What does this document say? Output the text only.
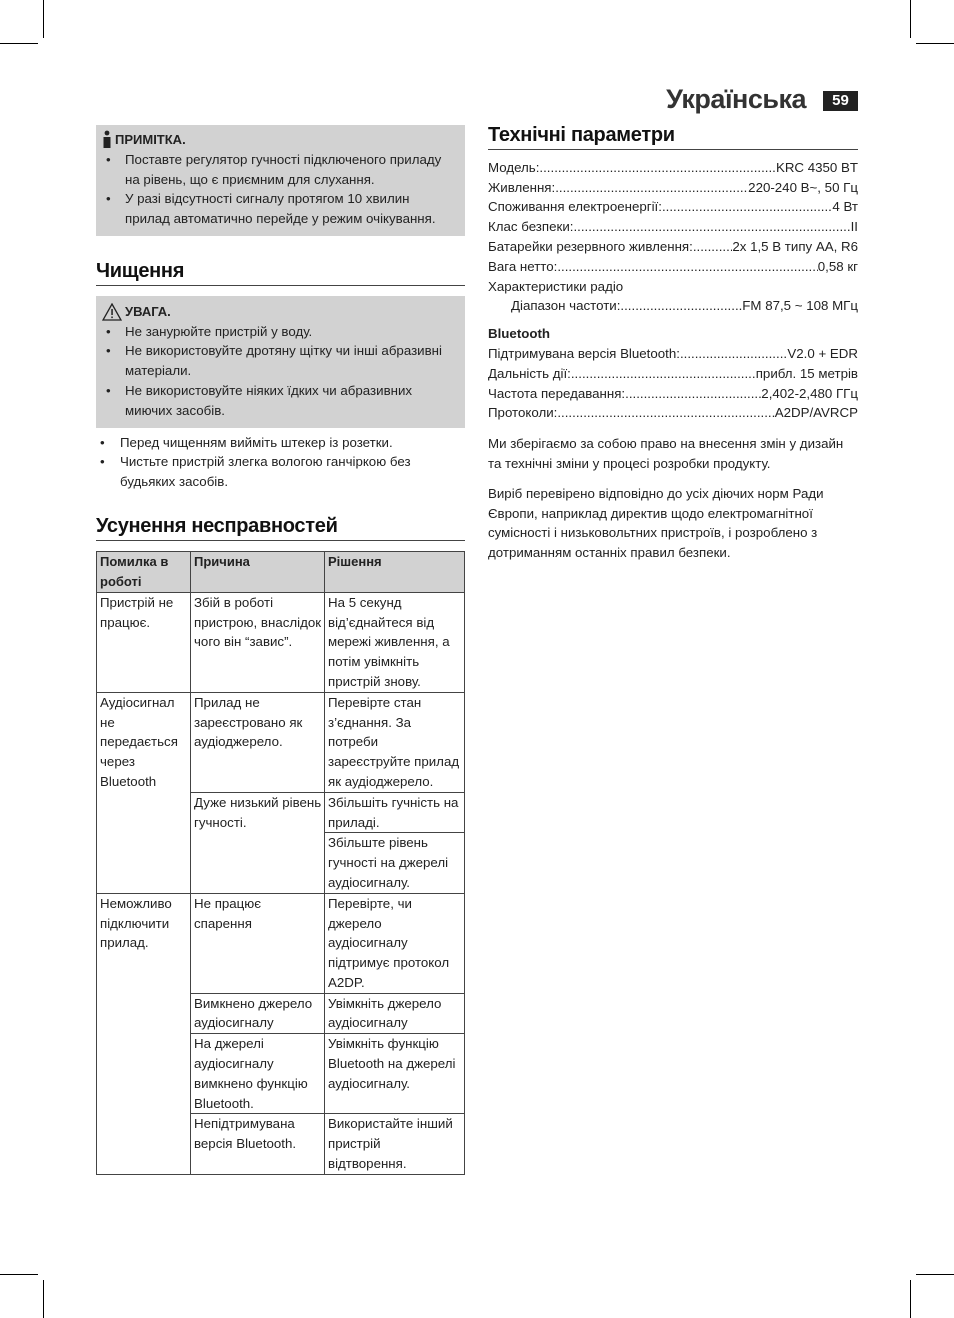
Українська	59
ПРИМІТКА.
• Поставте регулятор гучності підключеного приладу на рівень, що є приємним для слухання.
• У разі відсутності сигналу протягом 10 хвилин прилад автоматично перейде у режим очікування.
Чищення
УВАГА.
• Не занурюйте пристрій у воду.
• Не використовуйте дротяну щітку чи інші абразивні матеріали.
• Не використовуйте ніяких їдких чи абразивних миючих засобів.
• Перед чищенням вийміть штекер із розетки.
• Чистьте пристрій злегка вологою ганчіркою без будьяких засобів.
Усунення несправностей
Помилка в роботі	Причина	Рішення
Пристрій не працює.	Збій в роботі пристрою, внаслідок чого він “завис”.	На 5 секунд від’єднайтеся від мережі живлення, а потім увімкніть пристрій знову.
Аудіосигнал не передається через Bluetooth	Прилад не зареєстровано як аудіоджерело.	Перевірте стан з’єднання. За потреби зареєструйте прилад як аудіоджерело.
	Дуже низький рівень гучності.	Збільшіть гучність на приладі.
		Збільште рівень гучності на джерелі аудіосигналу.
Неможливо підключити прилад.	Не працює спарення	Перевірте, чи джерело аудіосигналу підтримує протокол A2DP.
	Вимкнено джерело аудіосигналу	Увімкніть джерело аудіосигналу
	На джерелі аудіосигналу вимкнено функцію Bluetooth.	Увімкніть функцію Bluetooth на джерелі аудіосигналу.
	Непідтримувана версія Bluetooth.	Використайте інший пристрій відтворення.
Технічні параметри
Модель: .....	KRC 4350 BT
Живлення: .....	220-240 В~, 50 Гц
Споживання електроенергії: .....	4 Вт
Клас безпеки: .....	II
Батарейки резервного живлення: .....	2x 1,5 В типу AA, R6
Вага нетто: .....	0,58 кг
Характеристики радіо
Діапазон частоти: .....	FM 87,5 ~ 108 МГц
Bluetooth
Підтримувана версія Bluetooth: .....	V2.0 + EDR
Дальність дії: .....	прибл. 15 метрів
Частота передавання: .....	2,402-2,480 ГГц
Протоколи: .....	A2DP/AVRCP

Ми зберігаємо за собою право на внесення змін у дизайн та технічні зміни у процесі розробки продукту.

Виріб перевірено відповідно до усіх діючих норм Ради Європи, наприклад директив щодо електромагнітної сумісності і низьковольтних пристроїв, і розроблено з дотриманням останніх правил безпеки.
